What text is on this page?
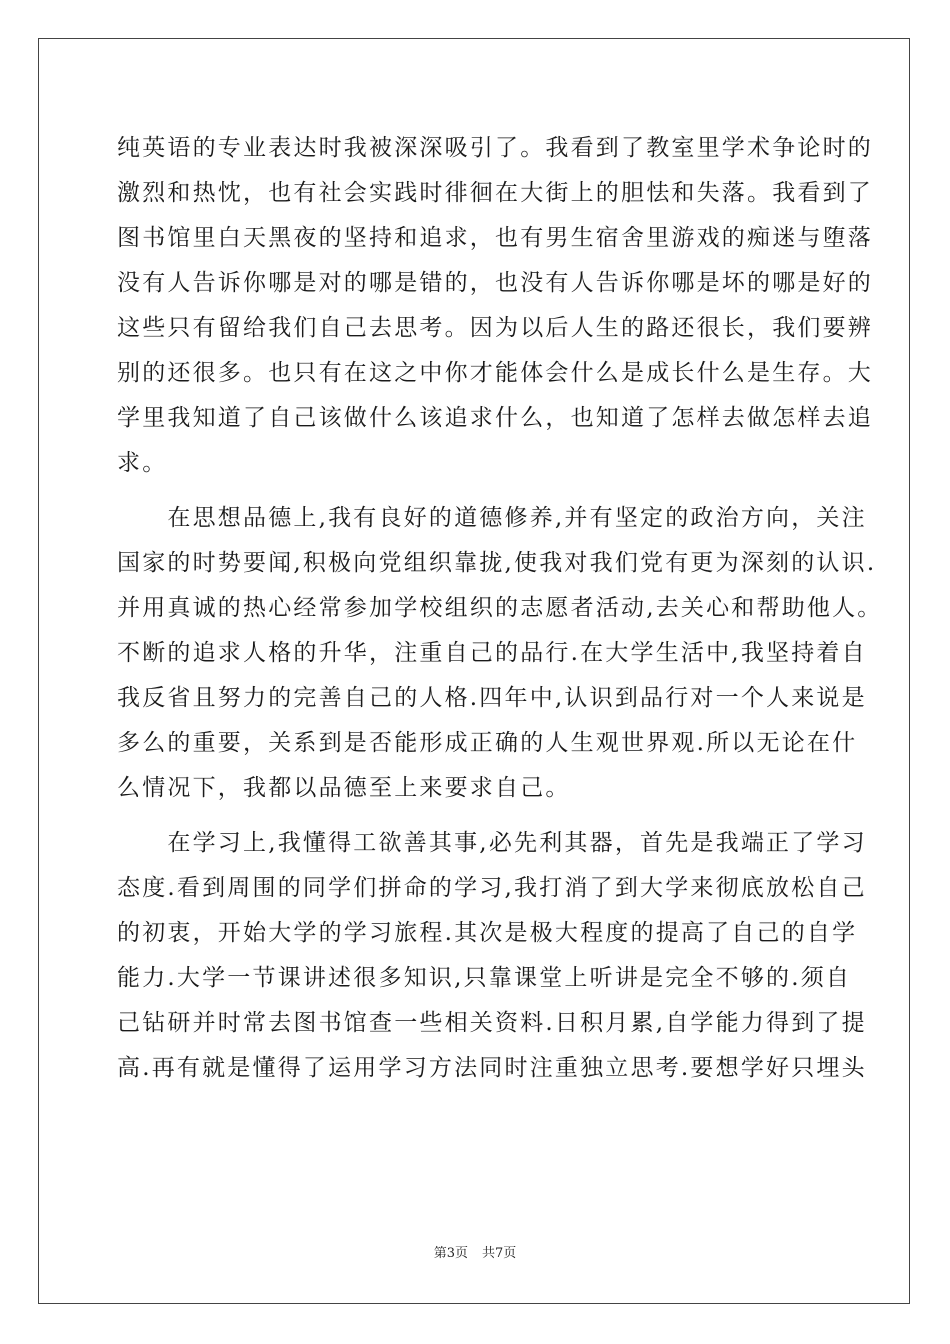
纯英语的专业表达时我被深深吸引了。我看到了教室里学术争论时的
激烈和热忱，也有社会实践时徘徊在大街上的胆怯和失落。我看到了
图书馆里白天黑夜的坚持和追求，也有男生宿舍里游戏的痴迷与堕落
没有人告诉你哪是对的哪是错的，也没有人告诉你哪是坏的哪是好的
这些只有留给我们自己去思考。因为以后人生的路还很长，我们要辨
别的还很多。也只有在这之中你才能体会什么是成长什么是生存。大
学里我知道了自己该做什么该追求什么，也知道了怎样去做怎样去追
求。
　　在思想品德上,我有良好的道德修养,并有坚定的政治方向，关注
国家的时势要闻,积极向党组织靠拢,使我对我们党有更为深刻的认识.
并用真诚的热心经常参加学校组织的志愿者活动,去关心和帮助他人。
不断的追求人格的升华，注重自己的品行.在大学生活中,我坚持着自
我反省且努力的完善自己的人格.四年中,认识到品行对一个人来说是
多么的重要，关系到是否能形成正确的人生观世界观.所以无论在什
么情况下，我都以品德至上来要求自己。
　　在学习上,我懂得工欲善其事,必先利其器，首先是我端正了学习
态度.看到周围的同学们拼命的学习,我打消了到大学来彻底放松自己
的初衷，开始大学的学习旅程.其次是极大程度的提高了自己的自学
能力.大学一节课讲述很多知识,只靠课堂上听讲是完全不够的.须自
己钻研并时常去图书馆查一些相关资料.日积月累,自学能力得到了提
高.再有就是懂得了运用学习方法同时注重独立思考.要想学好只埋头
第3页 共7页
